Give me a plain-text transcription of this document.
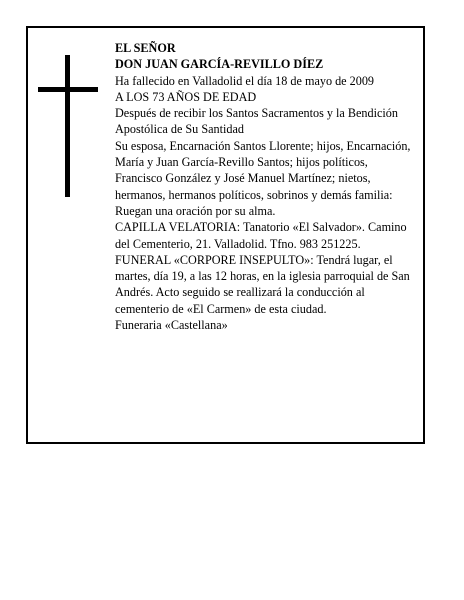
EL SEÑOR

DON JUAN GARCÍA-REVILLO DÍEZ

Ha fallecido en Valladolid el día 18 de mayo de 2009

A LOS 73 AÑOS DE EDAD

Después de recibir los Santos Sacramentos y la Bendición Apostólica de Su Santidad

Su esposa, Encarnación Santos Llorente; hijos, Encarnación, María y Juan García-Revillo Santos; hijos políticos, Francisco González y José Manuel Martínez; nietos, hermanos, hermanos políticos, sobrinos y demás familia:

Ruegan una oración por su alma.

CAPILLA VELATORIA: Tanatorio «El Salvador». Camino del Cementerio, 21. Valladolid. Tfno. 983 251225.

FUNERAL «CORPORE INSEPULTO»: Tendrá lugar, el martes, día 19, a las 12 horas, en la iglesia parroquial de San Andrés. Acto seguido se reallizará la conducción al cementerio de «El Carmen» de esta ciudad.

Funeraria «Castellana»
